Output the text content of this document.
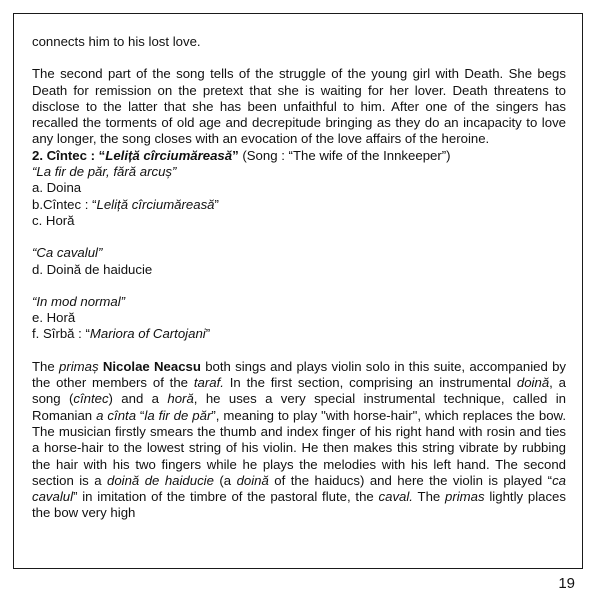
connects him to his lost love.

The second part of the song tells of the struggle of the young girl with Death. She begs Death for remission on the pretext that she is waiting for her lover. Death threatens to disclose to the latter that she has been unfaithful to him. After one of the singers has recalled the torments of old age and decrepitude bringing as they do an incapacity to love any longer, the song closes with an evocation of the love affairs of the heroine.

2. Cîntec : “Leliță cîrciumăreasă” (Song : “The wife of the Innkeeper”)

“La fir de păr, fără arcuș”

a. Doina

b.Cîntec : “Leliță cîrciumăreasă”

c. Horă

“Ca cavalul”

d. Doină de haiducie

“In mod normal”

e. Horă

f. Sîrbă : “Mariora of Cartojani”

The primaș Nicolae Neacsu both sings and plays violin solo in this suite, accompanied by the other members of the taraf. In the first section, comprising an instrumental doină, a song (cîntec) and a horă, he uses a very special instrumental technique, called in Romanian a cînta “la fir de păr”, meaning to play "with horse-hair", which replaces the bow. The musician firstly smears the thumb and index finger of his right hand with rosin and ties a horse-hair to the lowest string of his violin. He then makes this string vibrate by rubbing the hair with his two fingers while he plays the melodies with his left hand. The second section is a doină de haiducie (a doină of the haiducs) and here the violin is played “ca cavalul” in imitation of the timbre of the pastoral flute, the caval. The primas lightly places the bow very high

19
